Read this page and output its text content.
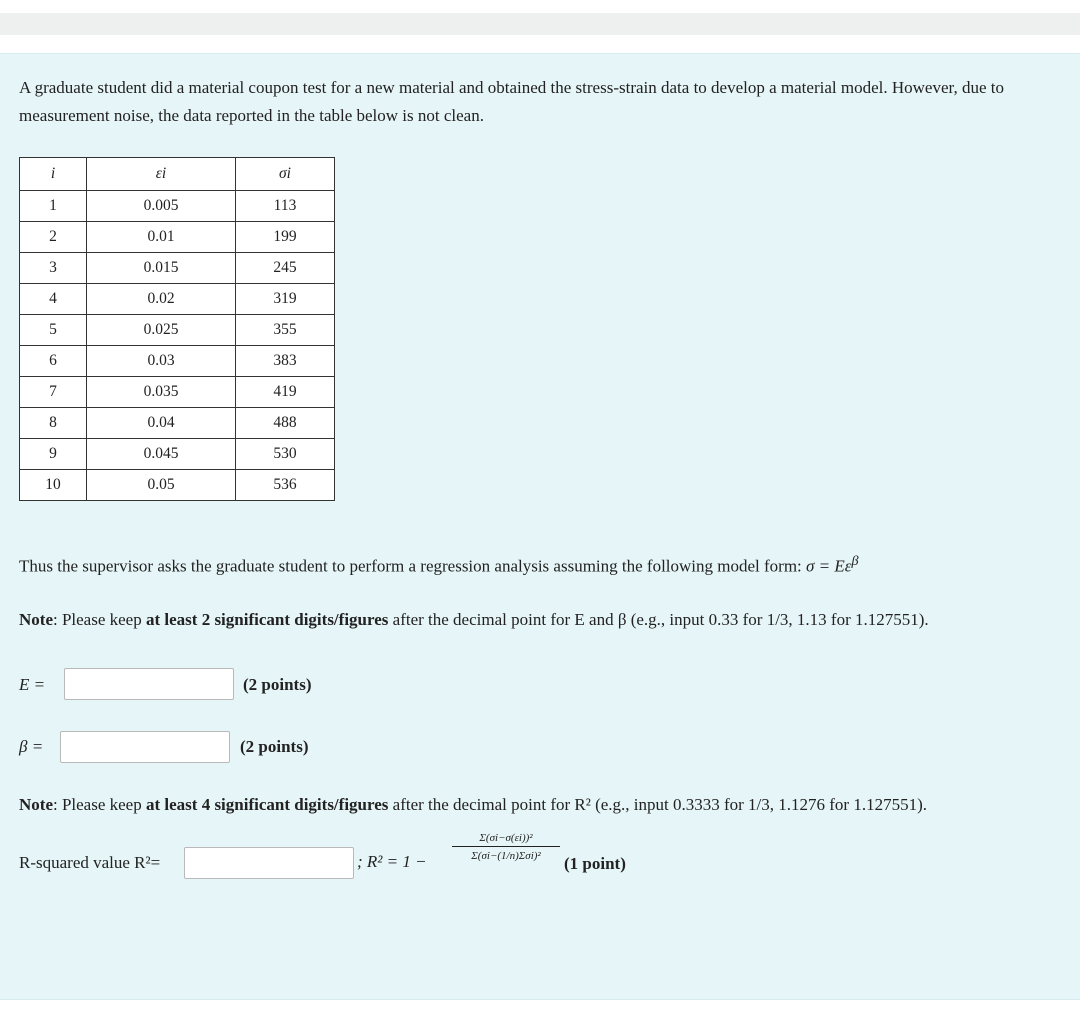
A graduate student did a material coupon test for a new material and obtained the stress-strain data to develop a material model. However, due to measurement noise, the data reported in the table below is not clean.

i	εi	σi
1	0.005	113
2	0.01	199
3	0.015	245
4	0.02	319
5	0.025	355
6	0.03	383
7	0.035	419
8	0.04	488
9	0.045	530
10	0.05	536

Thus the supervisor asks the graduate student to perform a regression analysis assuming the following model form: $\sigma = E\varepsilon^\beta$

Note: Please keep at least 2 significant digits/figures after the decimal point for E and β (e.g., input 0.33 for 1/3, 1.13 for 1.127551).

E =	(2 points)
β =	(2 points)

Note: Please keep at least 4 significant digits/figures after the decimal point for R² (e.g., input 0.3333 for 1/3, 1.1276 for 1.127551).

R-squared value R²=	; R² = 1 −
Σ(σi−σ(εi))²
Σ(σi−(1/n)Σσi)²	(1 point)
